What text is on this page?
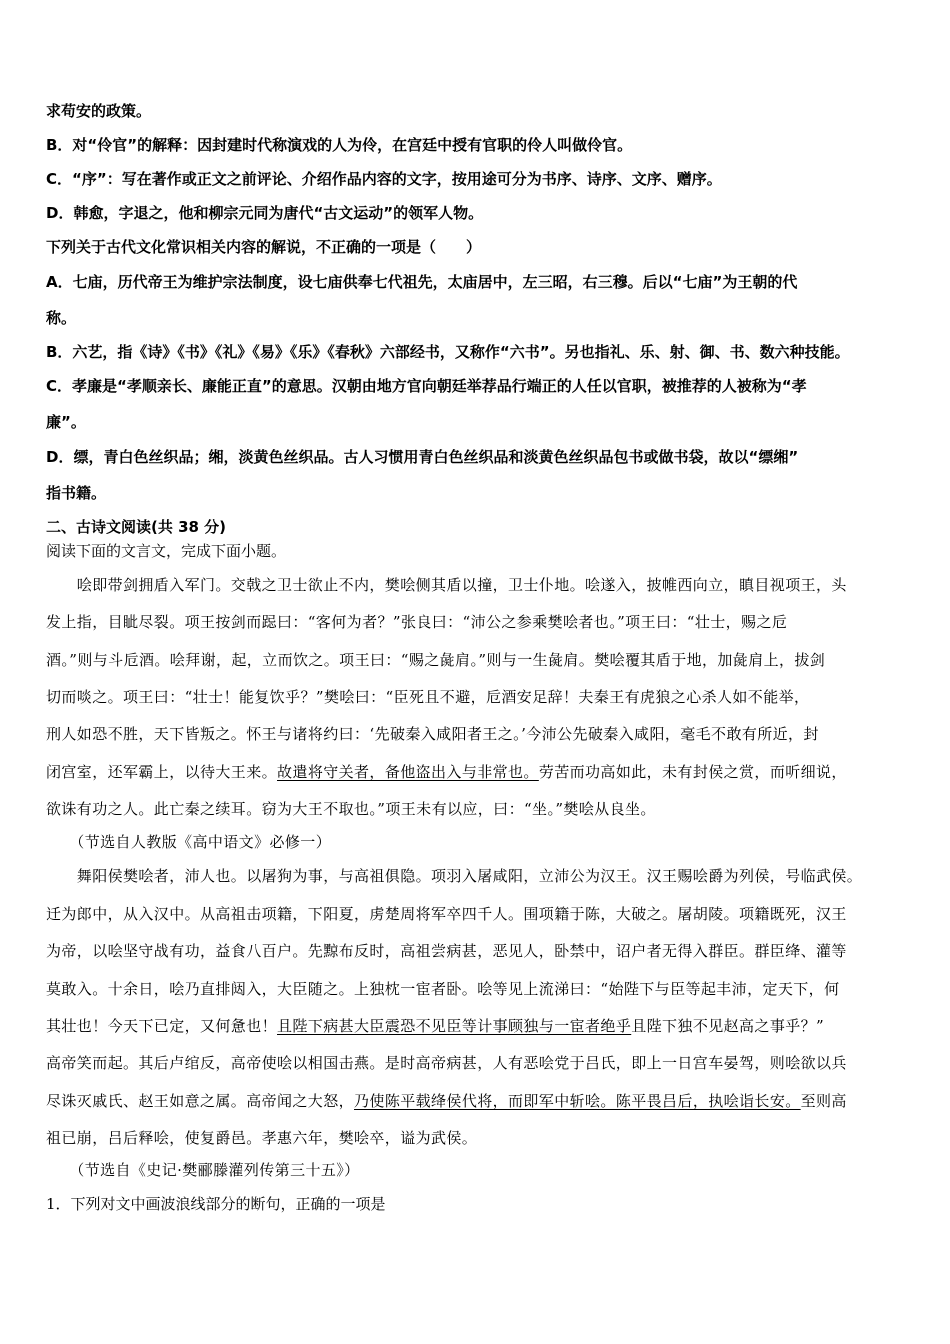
求苟安的政策。
B．对“伶官”的解释：因封建时代称演戏的人为伶，在宫廷中授有官职的伶人叫做伶官。
C．“序”：写在著作或正文之前评论、介绍作品内容的文字，按用途可分为书序、诗序、文序、赠序。
D．韩愈，字退之，他和柳宗元同为唐代“古文运动”的领军人物。
下列关于古代文化常识相关内容的解说，不正确的一项是（　　）
A．七庙，历代帝王为维护宗法制度，设七庙供奉七代祖先，太庙居中，左三昭，右三穆。后以“七庙”为王朝的代
称。
B．六艺，指《诗》《书》《礼》《易》《乐》《春秋》六部经书，又称作“六书”。另也指礼、乐、射、御、书、数六种技能。
C．孝廉是“孝顺亲长、廉能正直”的意思。汉朝由地方官向朝廷举荐品行端正的人任以官职，被推荐的人被称为“孝
廉”。
D．缥，青白色丝织品；缃，淡黄色丝织品。古人习惯用青白色丝织品和淡黄色丝织品包书或做书袋，故以“缥缃”
指书籍。
二、古诗文阅读(共 38 分)
阅读下面的文言文，完成下面小题。
　　哙即带剑拥盾入军门。交戟之卫士欲止不内，樊哙侧其盾以撞，卫士仆地。哙遂入，披帷西向立，瞋目视项王，头
发上指，目眦尽裂。项王按剑而跽曰：“客何为者？”张良曰：“沛公之参乘樊哙者也。”项王曰：“壮士，赐之卮
酒。”则与斗卮酒。哙拜谢，起，立而饮之。项王曰：“赐之彘肩。”则与一生彘肩。樊哙覆其盾于地，加彘肩上，拔剑
切而啖之。项王曰：“壮士！能复饮乎？”樊哙曰：“臣死且不避，卮酒安足辞！夫秦王有虎狼之心杀人如不能举，
刑人如恐不胜，天下皆叛之。怀王与诸将约曰：‘先破秦入咸阳者王之。’今沛公先破秦入咸阳，毫毛不敢有所近，封
闭宫室，还军霸上，以待大王来。故遣将守关者，备他盗出入与非常也。劳苦而功高如此，未有封侯之赏，而听细说，
欲诛有功之人。此亡秦之续耳。窃为大王不取也。”项王未有以应，曰：“坐。”樊哙从良坐。
　　（节选自人教版《高中语文》必修一）
　　舞阳侯樊哙者，沛人也。以屠狗为事，与高祖俱隐。项羽入屠咸阳，立沛公为汉王。汉王赐哙爵为列侯，号临武侯。
迁为郎中，从入汉中。从高祖击项籍，下阳夏，虏楚周将军卒四千人。围项籍于陈，大破之。屠胡陵。项籍既死，汉王
为帝，以哙坚守战有功，益食八百户。先黥布反时，高祖尝病甚，恶见人，卧禁中，诏户者无得入群臣。群臣绛、灌等
莫敢入。十余日，哙乃直排闼入，大臣随之。上独枕一宦者卧。哙等见上流涕曰：“始陛下与臣等起丰沛，定天下，何
其壮也！今天下已定，又何惫也！且陛下病甚大臣震恐不见臣等计事顾独与一宦者绝乎且陛下独不见赵高之事乎？”
高帝笑而起。其后卢绾反，高帝使哙以相国击燕。是时高帝病甚，人有恶哙党于吕氏，即上一日宫车晏驾，则哙欲以兵
尽诛灭戚氏、赵王如意之属。高帝闻之大怒，乃使陈平载绛侯代将，而即军中斩哙。陈平畏吕后，执哙诣长安。至则高
祖已崩，吕后释哙，使复爵邑。孝惠六年，樊哙卒，谥为武侯。
　　（节选自《史记·樊郦滕灌列传第三十五》）
1．下列对文中画波浪线部分的断句，正确的一项是
